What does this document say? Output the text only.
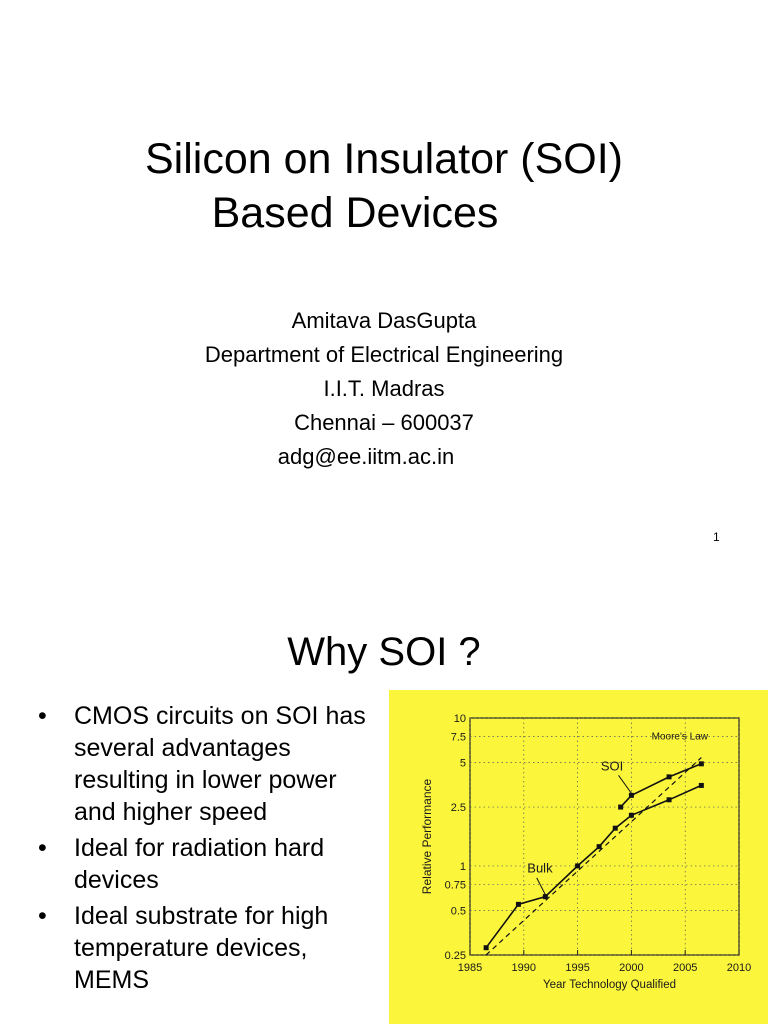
Silicon on Insulator (SOI)
Based Devices
Amitava DasGupta
Department of Electrical Engineering
I.I.T. Madras
Chennai – 600037
adg@ee.iitm.ac.in
1
Why SOI ?
• CMOS circuits on SOI has several advantages resulting in lower power and higher speed
• Ideal for radiation hard devices
• Ideal substrate for high temperature devices, MEMS
0.25
0.5
0.75
1
2.5
5
7.5
10
1985	1990	1995	2000	2005	2010
Year Technology Qualified
Relative Performance
Moore's Law
SOI
Bulk
